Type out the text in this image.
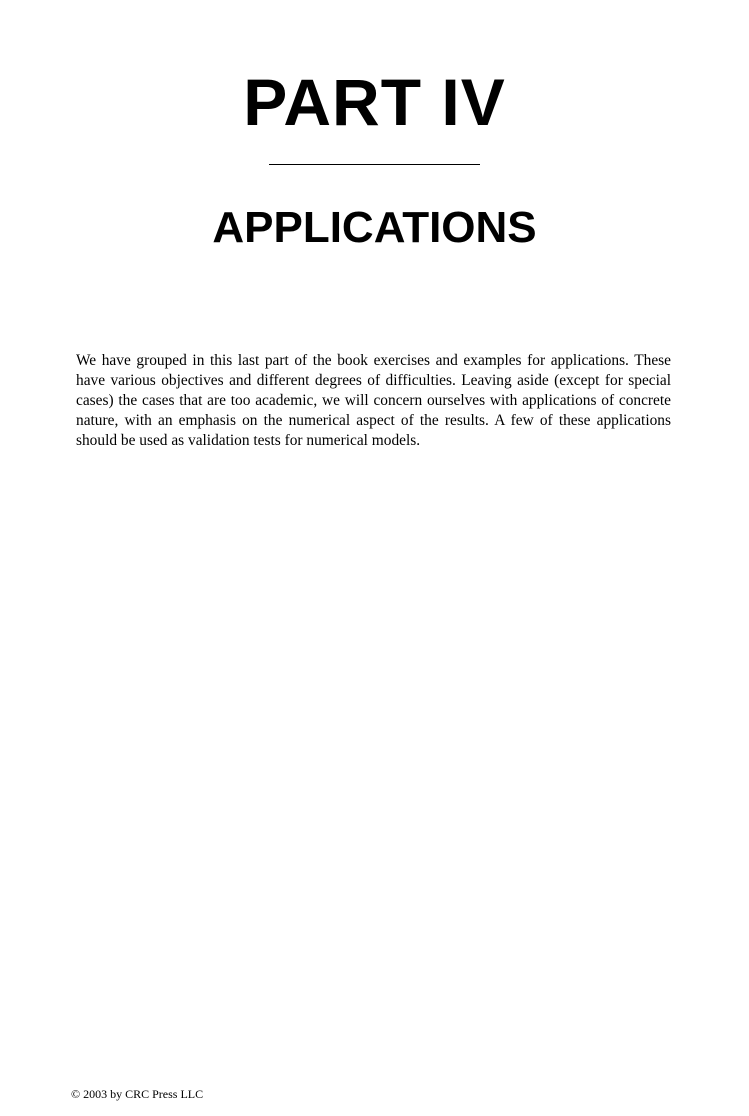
PART IV
APPLICATIONS

We have grouped in this last part of the book exercises and examples for applications. These have various objectives and different degrees of difficulties. Leaving aside (except for special cases) the cases that are too academic, we will concern ourselves with applications of concrete nature, with an emphasis on the numerical aspect of the results. A few of these applications should be used as validation tests for numerical models.

© 2003 by CRC Press LLC
